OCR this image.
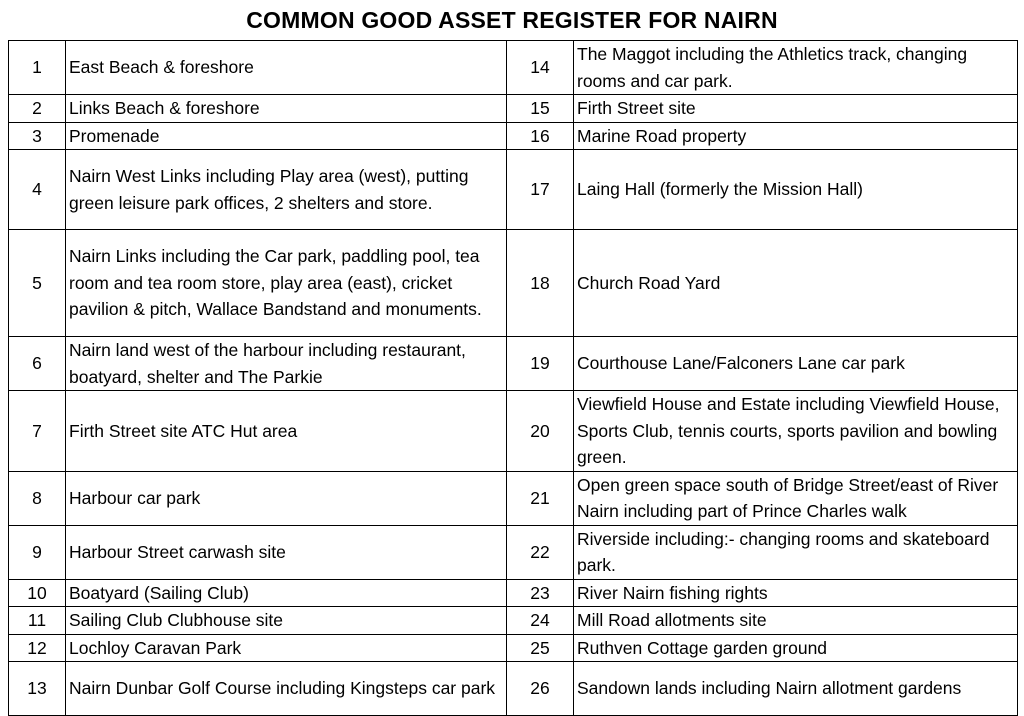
COMMON GOOD ASSET REGISTER FOR NAIRN
1	East Beach & foreshore	14	The Maggot including the Athletics track, changing rooms and car park.
2	Links Beach & foreshore	15	Firth Street site
3	Promenade	16	Marine Road property
4	Nairn West Links including Play area (west), putting green leisure park offices, 2 shelters and store.	17	Laing Hall (formerly the Mission Hall)
5	Nairn Links including the Car park, paddling pool, tea room and tea room store, play area (east), cricket pavilion & pitch, Wallace Bandstand and monuments.	18	Church Road Yard
6	Nairn land west of the harbour including restaurant, boatyard, shelter and The Parkie	19	Courthouse Lane/Falconers Lane car park
7	Firth Street site ATC Hut area	20	Viewfield House and Estate including Viewfield House, Sports Club, tennis courts, sports pavilion and bowling green.
8	Harbour car park	21	Open green space south of Bridge Street/east of River Nairn including part of Prince Charles walk
9	Harbour Street carwash site	22	Riverside including:- changing rooms and skateboard park.
10	Boatyard (Sailing Club)	23	River Nairn fishing rights
11	Sailing Club Clubhouse site	24	Mill Road allotments site
12	Lochloy Caravan Park	25	Ruthven Cottage garden ground
13	Nairn Dunbar Golf Course including Kingsteps car park	26	Sandown lands including Nairn allotment gardens
